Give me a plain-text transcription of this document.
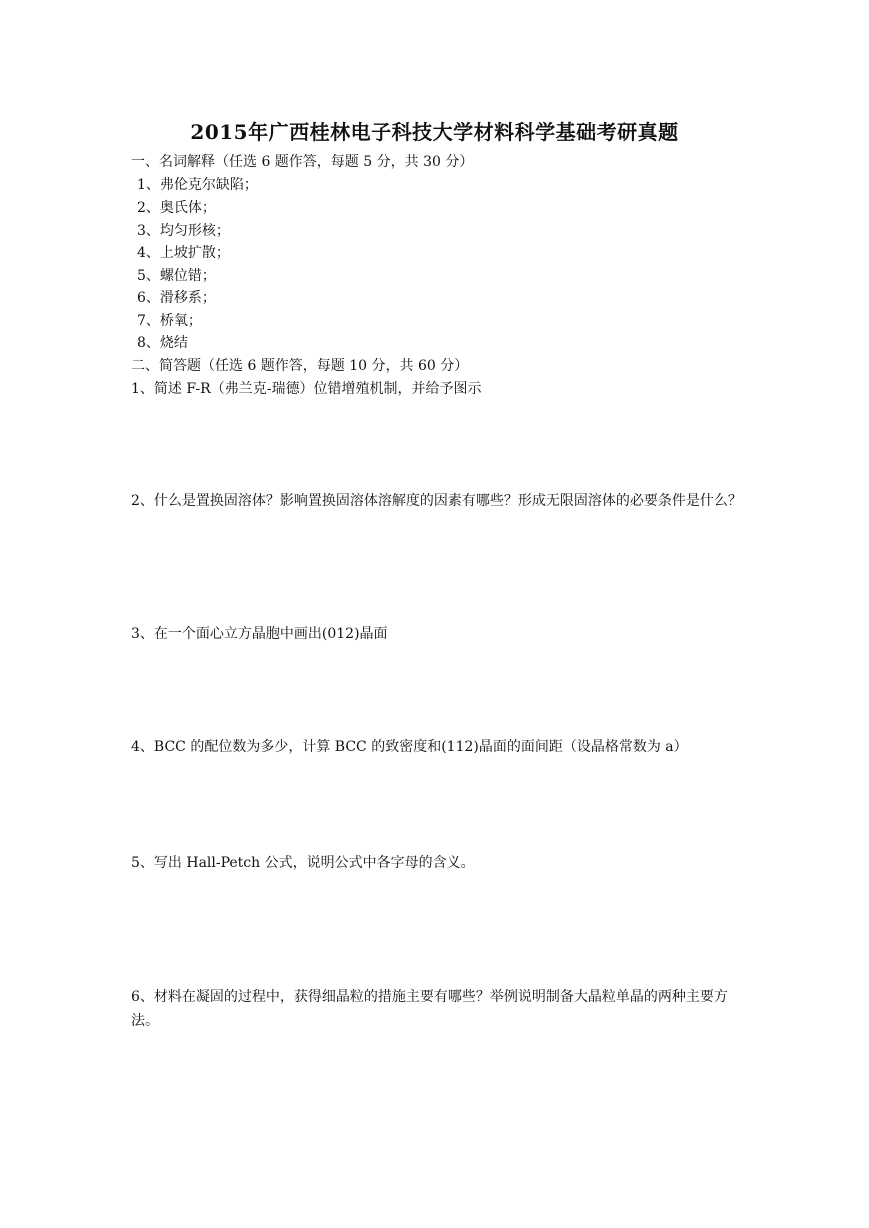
2015年广西桂林电子科技大学材料科学基础考研真题
一、名词解释（任选 6 题作答，每题 5 分，共 30 分）
1、弗伦克尔缺陷；
2、奥氏体；
3、均匀形核；
4、上坡扩散；
5、螺位错；
6、滑移系；
7、桥氧；
8、烧结
二、简答题（任选 6 题作答，每题 10 分，共 60 分）
1、简述 F-R（弗兰克-瑞德）位错增殖机制，并给予图示
2、什么是置换固溶体？影响置换固溶体溶解度的因素有哪些？形成无限固溶体的必要条件是什么？
3、在一个面心立方晶胞中画出(012)晶面
4、BCC 的配位数为多少，计算 BCC 的致密度和(112)晶面的面间距（设晶格常数为 a）
5、写出 Hall-Petch 公式，说明公式中各字母的含义。
6、材料在凝固的过程中，获得细晶粒的措施主要有哪些？举例说明制备大晶粒单晶的两种主要方法。
